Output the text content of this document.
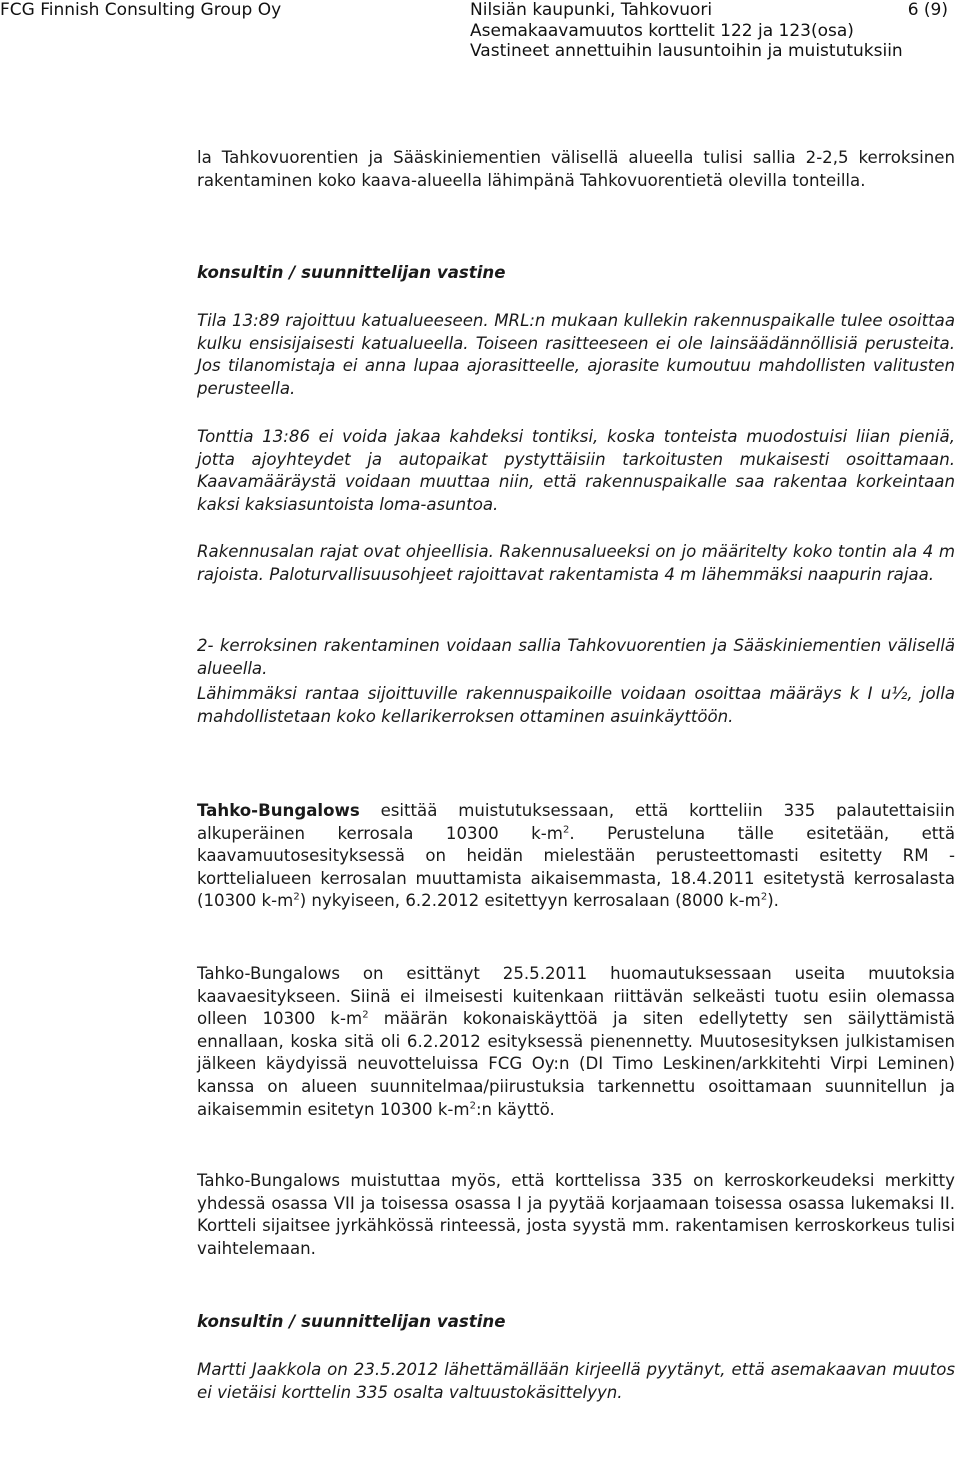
FCG Finnish Consulting Group Oy	Nilsiän kaupunki, Tahkovuori
Asemakaavamuutos korttelit 122 ja 123(osa)
Vastineet annettuihin lausuntoihin ja muistutuksiin
6 (9)

la Tahkovuorentien ja Sääskiniementien välisellä alueella tulisi sallia 2-2,5 kerroksinen rakentaminen koko kaava-alueella lähimpänä Tahkovuorentietä olevilla tonteilla.

konsultin / suunnittelijan vastine

Tila 13:89 rajoittuu katualueeseen. MRL:n mukaan kullekin rakennuspaikalle tulee osoittaa kulku ensisijaisesti katualueella. Toiseen rasitteeseen ei ole lainsäädännöllisiä perusteita. Jos tilanomistaja ei anna lupaa ajorasitteelle, ajorasite kumoutuu mahdollisten valitusten perusteella.

Tonttia 13:86 ei voida jakaa kahdeksi tontiksi, koska tonteista muodostuisi liian pieniä, jotta ajoyhteydet ja autopaikat pystyttäisiin tarkoitusten mukaisesti osoittamaan. Kaavamääräystä voidaan muuttaa niin, että rakennuspaikalle saa rakentaa korkeintaan kaksi kaksiasuntoista loma-asuntoa.

Rakennusalan rajat ovat ohjeellisia. Rakennusalueeksi on jo määritelty koko tontin ala 4 m rajoista. Paloturvallisuusohjeet rajoittavat rakentamista 4 m lähemmäksi naapurin rajaa.

2- kerroksinen rakentaminen voidaan sallia Tahkovuorentien ja Sääskiniementien välisellä alueella.

Lähimmäksi rantaa sijoittuville rakennuspaikoille voidaan osoittaa määräys k I u½, jolla mahdollistetaan koko kellarikerroksen ottaminen asuinkäyttöön.

Tahko-Bungalows esittää muistutuksessaan, että kortteliin 335 palautettaisiin alkuperäinen kerrosala 10300 $k-m^2$. Perusteluna tälle esitetään, että kaavamuutosesityksessä on heidän mielestään perusteettomasti esitetty RM -korttelialueen kerrosalan muuttamista aikaisemmasta, 18.4.2011 esitetystä kerrosalasta (10300 $k-m^2$) nykyiseen, 6.2.2012 esitettyyn kerrosalaan (8000 $k-m^2$).

Tahko-Bungalows on esittänyt 25.5.2011 huomautuksessaan useita muutoksia kaavaesitykseen. Siinä ei ilmeisesti kuitenkaan riittävän selkeästi tuotu esiin olemassa olleen 10300 $k-m^2$ määrän kokonaiskäyttöä ja siten edellytetty sen säilyttämistä ennallaan, koska sitä oli 6.2.2012 esityksessä pienennetty. Muutosesityksen julkistamisen jälkeen käydyissä neuvotteluissa FCG Oy:n (DI Timo Leskinen/arkkitehti Virpi Leminen) kanssa on alueen suunnitelmaa/piirustuksia tarkennettu osoittamaan suunnitellun ja aikaisemmin esitetyn 10300 $k-m^2:n$ käyttö.

Tahko-Bungalows muistuttaa myös, että korttelissa 335 on kerroskorkeudeksi merkitty yhdessä osassa VII ja toisessa osassa I ja pyytää korjaamaan toisessa osassa lukemaksi II. Kortteli sijaitsee jyrkähkössä rinteessä, josta syystä mm. rakentamisen kerroskorkeus tulisi vaihtelemaan.

konsultin / suunnittelijan vastine

Martti Jaakkola on 23.5.2012 lähettämällään kirjeellä pyytänyt, että asemakaavan muutos ei vietäisi korttelin 335 osalta valtuustokäsittelyyn.
